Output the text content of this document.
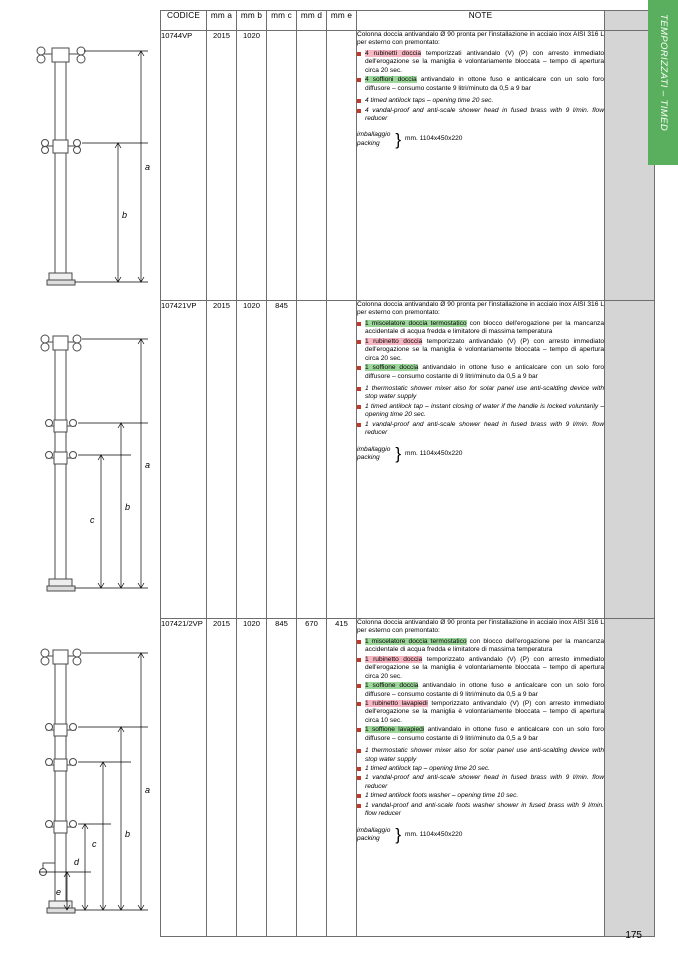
a
b
a
b
c
a
b
c
d
e
CODICE	mm a	mm b	mm c	mm d	mm e	NOTE	
10744VP	2015	1020				Colonna doccia antivandalo Ø 90 pronta per l'installazione in acciaio inox AISI 316 L per esterno con premontato:

4 rubinetti doccia temporizzati antivandalo (V) (P) con arresto immediato dell'erogazione se la maniglia è volontariamente bloccata – tempo di apertura circa 20 sec.
4 soffioni doccia antivandalo in ottone fuso e anticalcare con un solo foro diffusore – consumo costante 9 litri/minuto da 0,5 a 9 bar
4 timed antilock taps – opening time 20 sec.
4 vandal-proof and anti-scale shower head in fused brass with 9 l/min. flow reducer
imballaggio
packing } mm. 1104x450x220

107421VP	2015	1020	845			Colonna doccia antivandalo Ø 90 pronta per l'installazione in acciaio inox AISI 316 L per esterno con premontato:

1 miscelatore doccia termostatico con blocco dell'erogazione per la mancanza accidentale di acqua fredda e limitatore di massima temperatura
1 rubinetto doccia temporizzato antivandalo (V) (P) con arresto immediato dell'erogazione se la maniglia è volontariamente bloccata – tempo di apertura circa 20 sec.
1 soffione doccia antivandalo in ottone fuso e anticalcare con un solo foro diffusore – consumo costante di 9 litri/minuto da 0,5 a 9 bar
1 thermostatic shower mixer also for solar panel use anti-scalding device with stop water supply
1 timed antilock tap – instant closing of water if the handle is locked voluntarily – opening time 20 sec.
1 vandal-proof and anti-scale shower head in fused brass with 9 l/min. flow reducer
imballaggio
packing } mm. 1104x450x220

107421/2VP	2015	1020	845	670	415	Colonna doccia antivandalo Ø 90 pronta per l'installazione in acciaio inox AISI 316 L per esterno con premontato:

1 miscelatore doccia termostatico con blocco dell'erogazione per la mancanza accidentale di acqua fredda e limitatore di massima temperatura
1 rubinetto doccia temporizzato antivandalo (V) (P) con arresto immediato dell'erogazione se la maniglia è volontariamente bloccata – tempo di apertura circa 20 sec.
1 soffione doccia antivandalo in ottone fuso e anticalcare con un solo foro diffusore – consumo costante di 9 litri/minuto da 0,5 a 9 bar
1 rubinetto lavapiedi temporizzato antivandalo (V) (P) con arresto immediato dell'erogazione se la maniglia è volontariamente bloccata – tempo di apertura circa 10 sec.
1 soffione lavapiedi antivandalo in ottone fuso e anticalcare con un solo foro diffusore – consumo costante di 9 litri/minuto da 0,5 a 9 bar
1 thermostatic shower mixer also for solar panel use anti-scalding device with stop water supply
1 timed antilock tap – opening time 20 sec.
1 vandal-proof and anti-scale shower head in fused brass with 9 l/min. flow reducer
1 timed antilock foots washer – opening time 10 sec.
1 vandal-proof and anti-scale foots washer shower in fused brass with 9 l/min. flow reducer
imballaggio
packing } mm. 1104x450x220

TEMPORIZZATI – TIMED
175
